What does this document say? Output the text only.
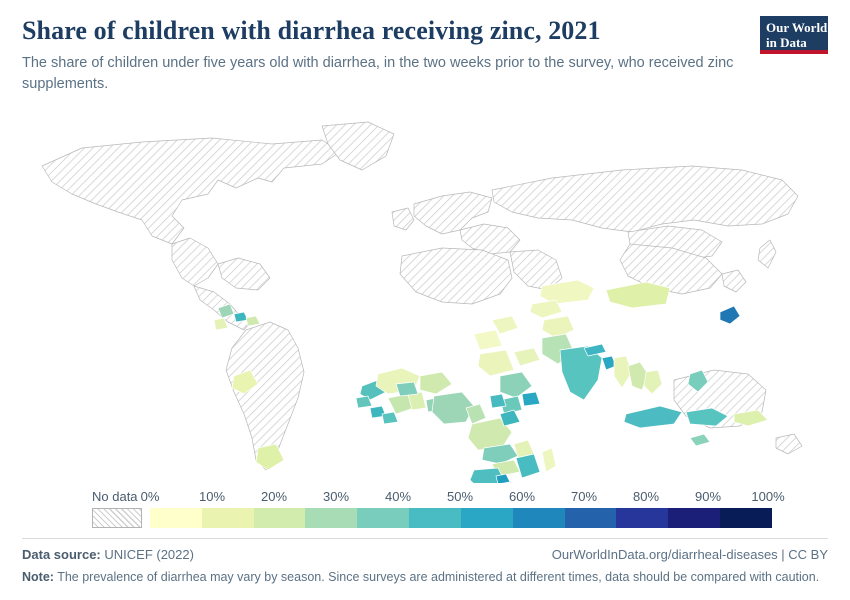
Share of children with diarrhea receiving zinc, 2021

The share of children under five years old with diarrhea, in the two weeks prior to the survey, who received zinc supplements.

Our World
in Data
No data 0%	10%	20%	30%	40%	50%	60%	70%	80%	90% 100%
Data source: UNICEF (2022)	OurWorldInData.org/diarrheal-diseases | CC BY
Note: The prevalence of diarrhea may vary by season. Since surveys are administered at different times, data should be compared with caution.
